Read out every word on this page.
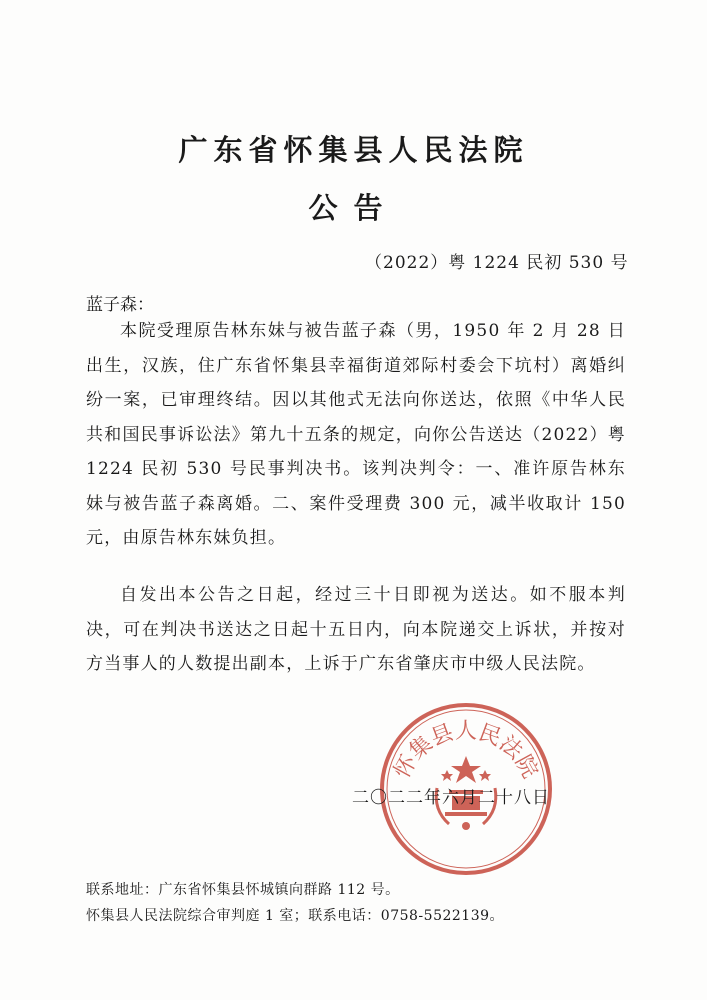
广东省怀集县人民法院
公告
（2022）粤 1224 民初 530 号
蓝子森：
本院受理原告林东妹与被告蓝子森（男，1950 年 2 月 28 日出生，汉族，住广东省怀集县幸福街道郊际村委会下坑村）离婚纠纷一案，已审理终结。因以其他式无法向你送达，依照《中华人民共和国民事诉讼法》第九十五条的规定，向你公告送达（2022）粤 1224 民初 530 号民事判决书。该判决判令：一、准许原告林东妹与被告蓝子森离婚。二、案件受理费 300 元，减半收取计 150 元，由原告林东妹负担。
自发出本公告之日起，经过三十日即视为送达。如不服本判决，可在判决书送达之日起十五日内，向本院递交上诉状，并按对方当事人的人数提出副本，上诉于广东省肇庆市中级人民法院。
怀集县人民法院
二〇二二年六月二十八日
联系地址：广东省怀集县怀城镇向群路 112 号。
怀集县人民法院综合审判庭 1 室；联系电话：0758-5522139。
